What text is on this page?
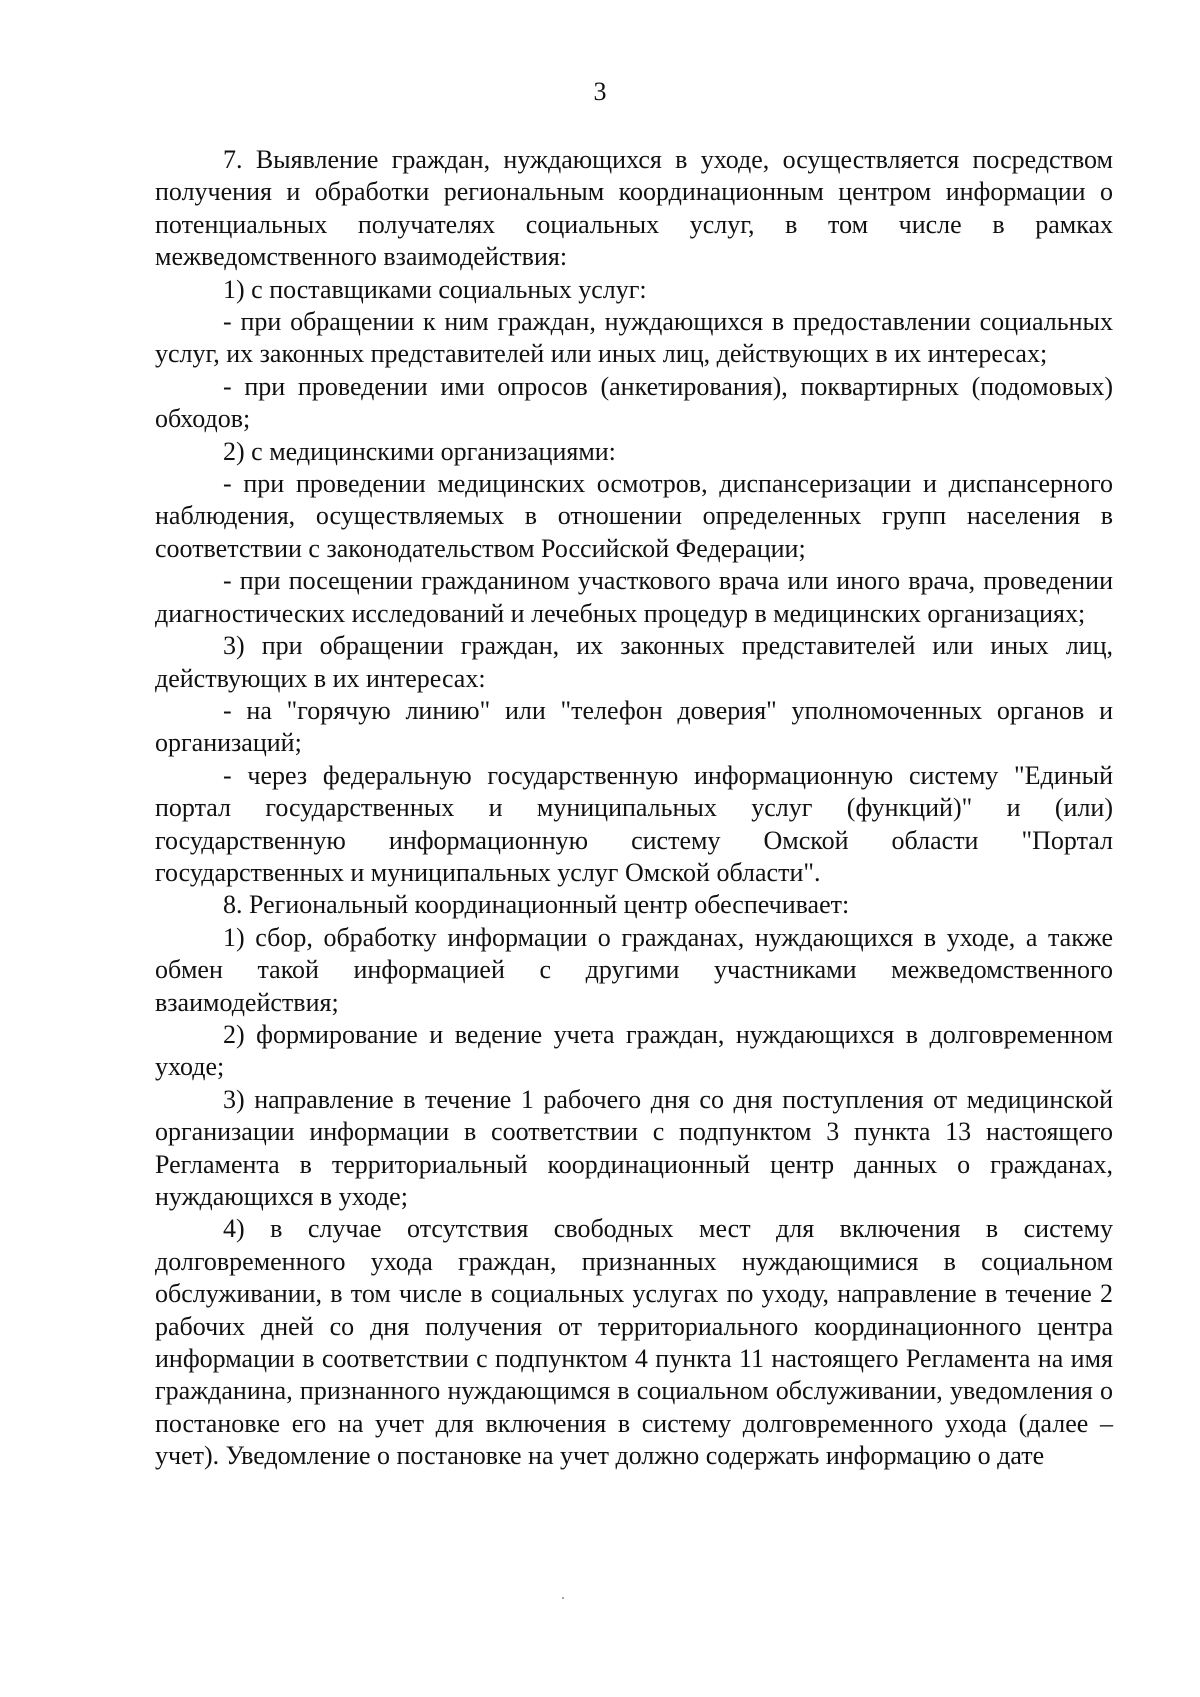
3

7. Выявление граждан, нуждающихся в уходе, осуществляется посредством получения и обработки региональным координационным центром информации о потенциальных получателях социальных услуг, в том числе в рамках межведомственного взаимодействия:

1) с поставщиками социальных услуг:

- при обращении к ним граждан, нуждающихся в предоставлении социальных услуг, их законных представителей или иных лиц, действующих в их интересах;

- при проведении ими опросов (анкетирования), поквартирных (подомовых) обходов;

2) с медицинскими организациями:

- при проведении медицинских осмотров, диспансеризации и диспансерного наблюдения, осуществляемых в отношении определенных групп населения в соответствии с законодательством Российской Федерации;

- при посещении гражданином участкового врача или иного врача, проведении диагностических исследований и лечебных процедур в медицинских организациях;

3) при обращении граждан, их законных представителей или иных лиц, действующих в их интересах:

- на "горячую линию" или "телефон доверия" уполномоченных органов и организаций;

- через федеральную государственную информационную систему "Единый портал государственных и муниципальных услуг (функций)" и (или) государственную информационную систему Омской области "Портал государственных и муниципальных услуг Омской области".

8. Региональный координационный центр обеспечивает:

1) сбор, обработку информации о гражданах, нуждающихся в уходе, а также обмен такой информацией с другими участниками межведомственного взаимодействия;

2) формирование и ведение учета граждан, нуждающихся в долговременном уходе;

3) направление в течение 1 рабочего дня со дня поступления от медицинской организации информации в соответствии с подпунктом 3 пункта 13 настоящего Регламента в территориальный координационный центр данных о гражданах, нуждающихся в уходе;

4) в случае отсутствия свободных мест для включения в систему долговременного ухода граждан, признанных нуждающимися в социальном обслуживании, в том числе в социальных услугах по уходу, направление в течение 2 рабочих дней со дня получения от территориального координационного центра информации в соответствии с подпунктом 4 пункта 11 настоящего Регламента на имя гражданина, признанного нуждающимся в социальном обслуживании, уведомления о постановке его на учет для включения в систему долговременного ухода (далее – учет). Уведомление о постановке на учет должно содержать информацию о дате
